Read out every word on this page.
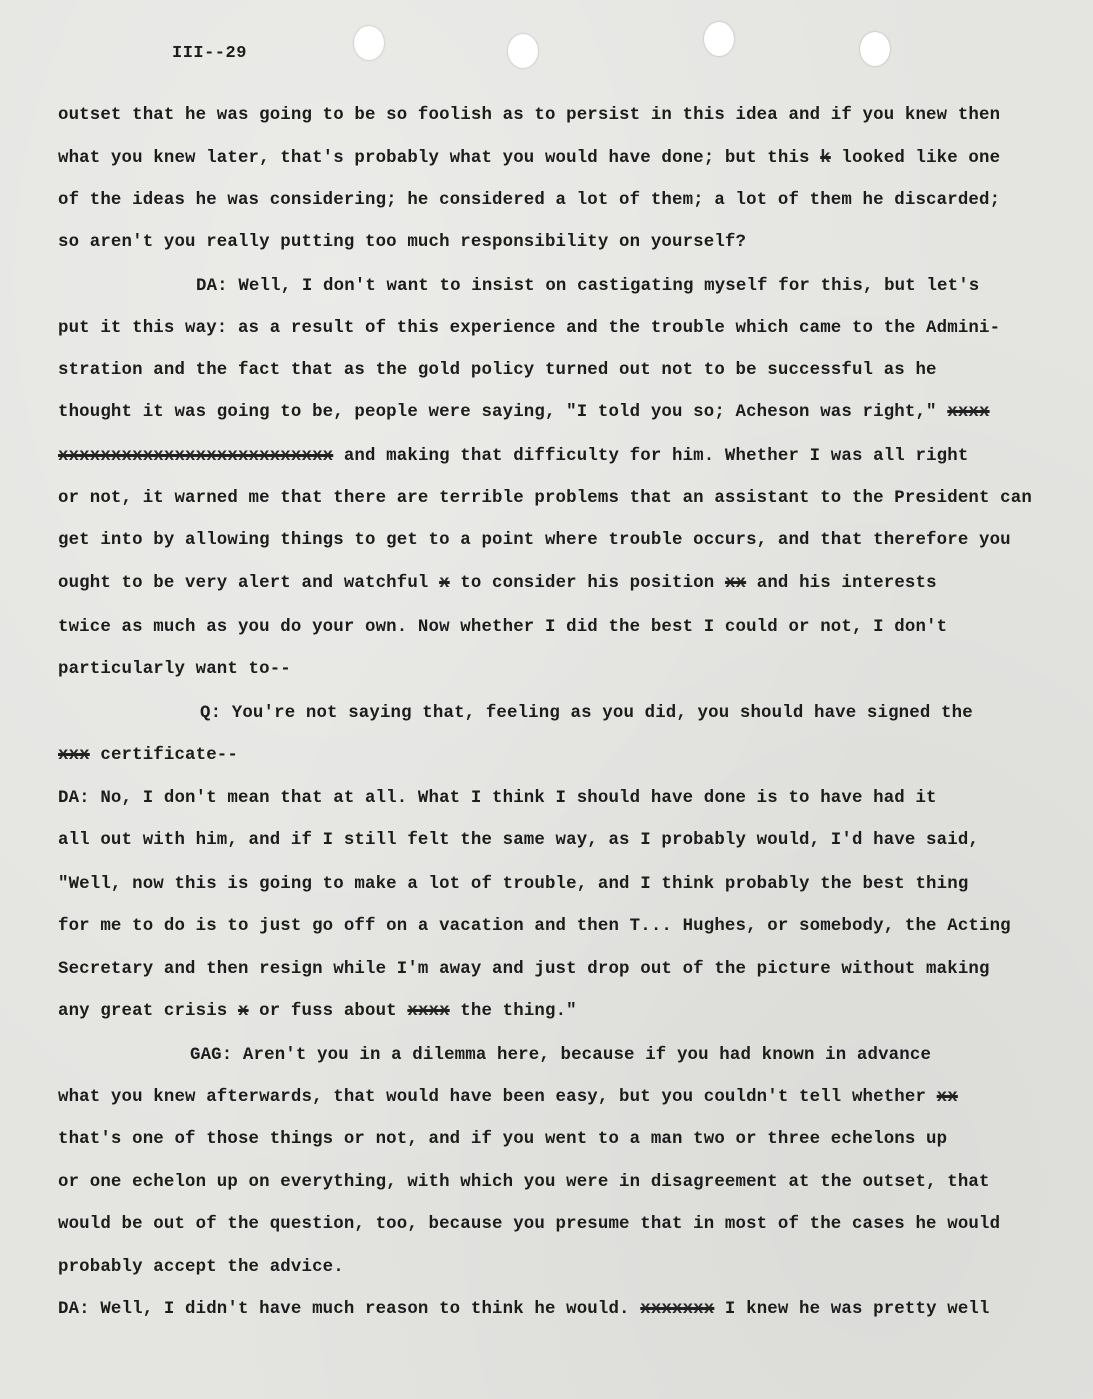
III--29
outset that he was going to be so foolish as to persist in this idea and if you knew then
what you knew later, that's probably what you would have done; but this k looked like one
of the ideas he was considering; he considered a lot of them; a lot of them he discarded;
so aren't you really putting too much responsibility on yourself?
DA: Well, I don't want to insist on castigating myself for this, but let's
put it this way: as a result of this experience and the trouble which came to the Admini-
stration and the fact that as the gold policy turned out not to be successful as he
thought it was going to be, people were saying, "I told you so; Acheson was right," xxxx
xxxxxxxxxxxxxxxxxxxxxxxxxx and making that difficulty for him. Whether I was all right
or not, it warned me that there are terrible problems that an assistant to the President can
get into by allowing things to get to a point where trouble occurs, and that therefore you
ought to be very alert and watchful x to consider his position xx and his interests
twice as much as you do your own. Now whether I did the best I could or not, I don't
particularly want to--
Q: You're not saying that, feeling as you did, you should have signed the
xxx certificate--
DA: No, I don't mean that at all. What I think I should have done is to have had it
all out with him, and if I still felt the same way, as I probably would, I'd have said,
"Well, now this is going to make a lot of trouble, and I think probably the best thing
for me to do is to just go off on a vacation and then T... Hughes, or somebody, the Acting
Secretary and then resign while I'm away and just drop out of the picture without making
any great crisis x or fuss about xxxx the thing."
GAG: Aren't you in a dilemma here, because if you had known in advance
what you knew afterwards, that would have been easy, but you couldn't tell whether xx
that's one of those things or not, and if you went to a man two or three echelons up
or one echelon up on everything, with which you were in disagreement at the outset, that
would be out of the question, too, because you presume that in most of the cases he would
probably accept the advice.
DA: Well, I didn't have much reason to think he would. xxxxxxx I knew he was pretty well
